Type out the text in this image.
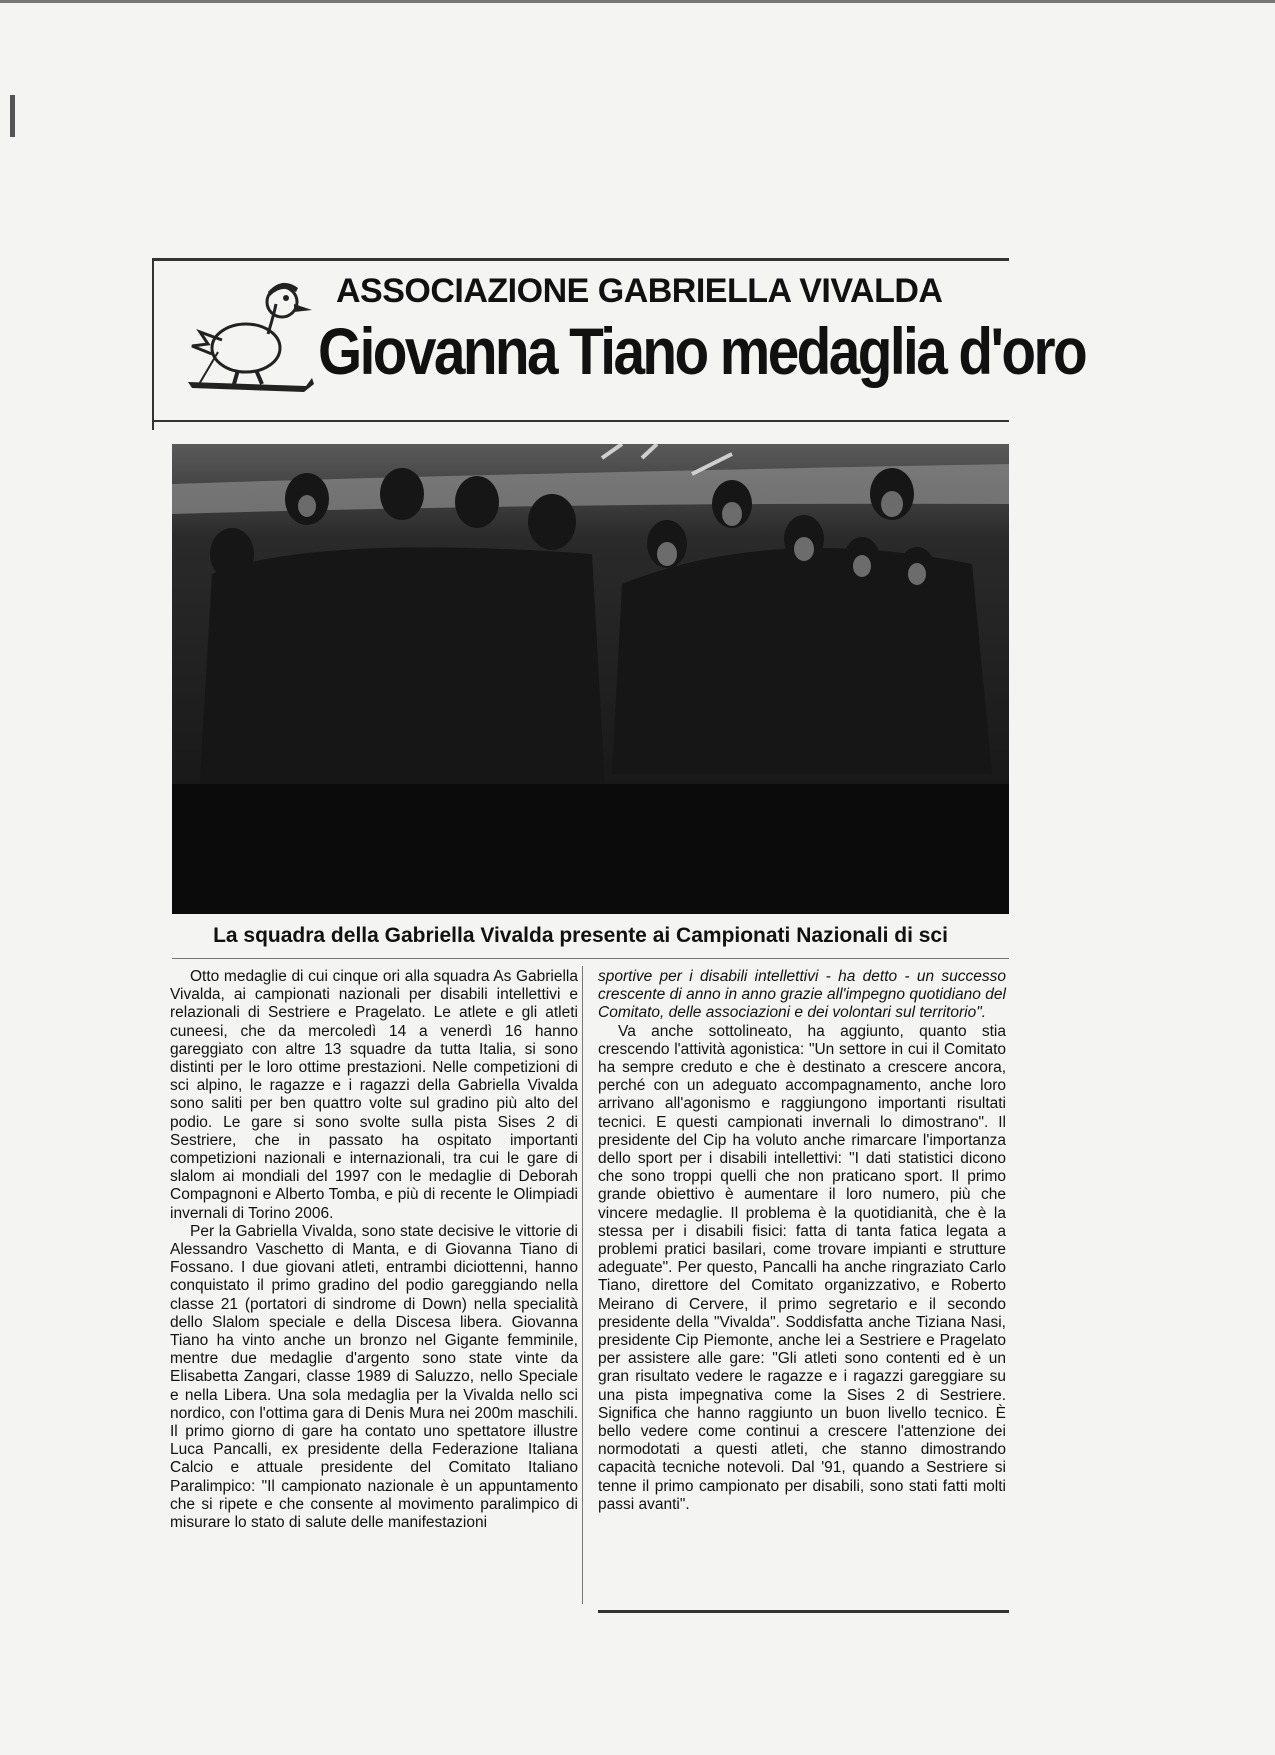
ASSOCIAZIONE GABRIELLA VIVALDA
Giovanna Tiano medaglia d'oro
La squadra della Gabriella Vivalda presente ai Campionati Nazionali di sci

Otto medaglie di cui cinque ori alla squadra As Gabriella Vivalda, ai campionati nazionali per disabili intellettivi e relazionali di Sestriere e Pragelato. Le atlete e gli atleti cuneesi, che da mercoledì 14 a venerdì 16 hanno gareggiato con altre 13 squadre da tutta Italia, si sono distinti per le loro ottime prestazioni. Nelle competizioni di sci alpino, le ragazze e i ragazzi della Gabriella Vivalda sono saliti per ben quattro volte sul gradino più alto del podio. Le gare si sono svolte sulla pista Sises 2 di Sestriere, che in passato ha ospitato importanti competizioni nazionali e internazionali, tra cui le gare di slalom ai mondiali del 1997 con le medaglie di Deborah Compagnoni e Alberto Tomba, e più di recente le Olimpiadi invernali di Torino 2006.

Per la Gabriella Vivalda, sono state decisive le vittorie di Alessandro Vaschetto di Manta, e di Giovanna Tiano di Fossano. I due giovani atleti, entrambi diciottenni, hanno conquistato il primo gradino del podio gareggiando nella classe 21 (portatori di sindrome di Down) nella specialità dello Slalom speciale e della Discesa libera. Giovanna Tiano ha vinto anche un bronzo nel Gigante femminile, mentre due medaglie d'argento sono state vinte da Elisabetta Zangari, classe 1989 di Saluzzo, nello Speciale e nella Libera. Una sola medaglia per la Vivalda nello sci nordico, con l'ottima gara di Denis Mura nei 200m maschili. Il primo giorno di gare ha contato uno spettatore illustre Luca Pancalli, ex presidente della Federazione Italiana Calcio e attuale presidente del Comitato Italiano Paralimpico: "Il campionato nazionale è un appuntamento che si ripete e che consente al movimento paralimpico di misurare lo stato di salute delle manifestazioni

sportive per i disabili intellettivi - ha detto - un successo crescente di anno in anno grazie all'impegno quotidiano del Comitato, delle associazioni e dei volontari sul territorio".

Va anche sottolineato, ha aggiunto, quanto stia crescendo l'attività agonistica: "Un settore in cui il Comitato ha sempre creduto e che è destinato a crescere ancora, perché con un adeguato accompagnamento, anche loro arrivano all'agonismo e raggiungono importanti risultati tecnici. E questi campionati invernali lo dimostrano". Il presidente del Cip ha voluto anche rimarcare l'importanza dello sport per i disabili intellettivi: "I dati statistici dicono che sono troppi quelli che non praticano sport. Il primo grande obiettivo è aumentare il loro numero, più che vincere medaglie. Il problema è la quotidianità, che è la stessa per i disabili fisici: fatta di tanta fatica legata a problemi pratici basilari, come trovare impianti e strutture adeguate". Per questo, Pancalli ha anche ringraziato Carlo Tiano, direttore del Comitato organizzativo, e Roberto Meirano di Cervere, il primo segretario e il secondo presidente della "Vivalda". Soddisfatta anche Tiziana Nasi, presidente Cip Piemonte, anche lei a Sestriere e Pragelato per assistere alle gare: "Gli atleti sono contenti ed è un gran risultato vedere le ragazze e i ragazzi gareggiare su una pista impegnativa come la Sises 2 di Sestriere. Significa che hanno raggiunto un buon livello tecnico. È bello vedere come continui a crescere l'attenzione dei normodotati a questi atleti, che stanno dimostrando capacità tecniche notevoli. Dal '91, quando a Sestriere si tenne il primo campionato per disabili, sono stati fatti molti passi avanti".
